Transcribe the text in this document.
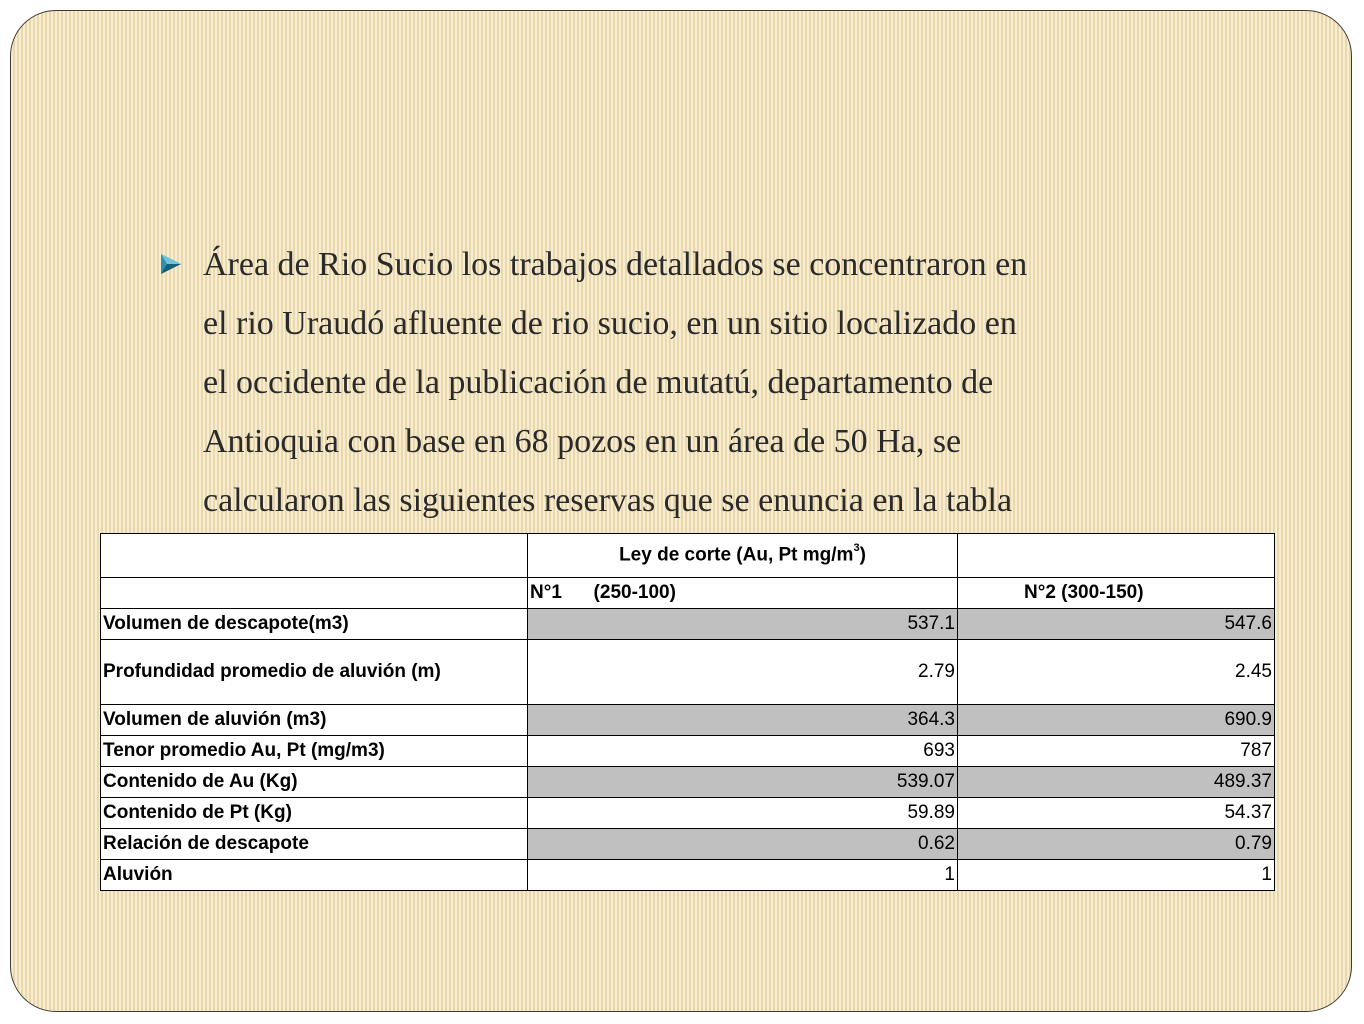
Área de Rio Sucio los trabajos detallados se concentraron en
el rio Uraudó afluente de rio sucio, en un sitio localizado en
el occidente de la publicación de mutatú, departamento de
Antioquia con base en 68 pozos en un área de 50 Ha, se
calcularon las siguientes reservas que se enuncia en la tabla

	Ley de corte (Au, Pt $mg/m^3$)	
	N°1      (250-100)	N°2 (300-150)
Volumen de descapote(m3)	537.1	547.6
Profundidad promedio de aluvión (m)	2.79	2.45
Volumen de aluvión (m3)	364.3	690.9
Tenor promedio Au, Pt (mg/m3)	693	787
Contenido de Au (Kg)	539.07	489.37
Contenido de Pt (Kg)	59.89	54.37
Relación de descapote	0.62	0.79
Aluvión	1	1
